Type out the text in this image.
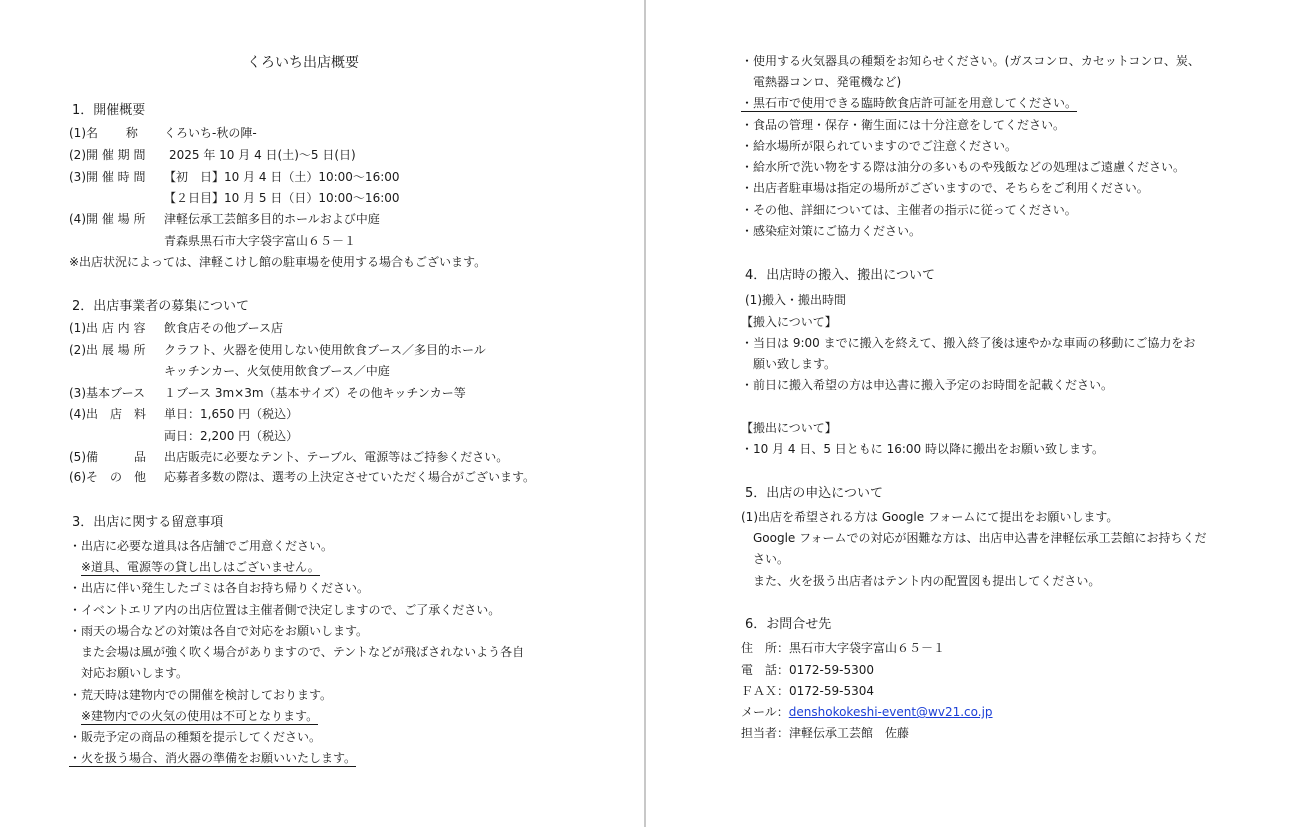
くろいち出店概要
1．開催概要
(1)名　　 称 くろいち-秋の陣-
(2)開 催 期 間 2025 年 10 月 4 日(土)～5 日(日)
(3)開 催 時 間 【初　日】10 月 4 日（土）10:00～16:00
【２日目】10 月 5 日（日）10:00～16:00
(4)開 催 場 所 津軽伝承工芸館多目的ホールおよび中庭
青森県黒石市大字袋字富山６５－１
※出店状況によっては、津軽こけし館の駐車場を使用する場合もございます。
2．出店事業者の募集について
(1)出 店 内 容 飲食店その他ブース店
(2)出 展 場 所 クラフト、火器を使用しない使用飲食ブース／多目的ホール
キッチンカー、火気使用飲食ブース／中庭
(3)基本ブース １ブース 3m×3m（基本サイズ）その他キッチンカー等
(4)出　店　料 単日：1,650 円（税込）
両日：2,200 円（税込）
(5)備　　　品 出店販売に必要なテント、テーブル、電源等はご持参ください。
(6)そ　の　他 応募者多数の際は、選考の上決定させていただく場合がございます。
3．出店に関する留意事項
・出店に必要な道具は各店舗でご用意ください。
※道具、電源等の貸し出しはございません。
・出店に伴い発生したゴミは各自お持ち帰りください。
・イベントエリア内の出店位置は主催者側で決定しますので、ご了承ください。
・雨天の場合などの対策は各自で対応をお願いします。
また会場は風が強く吹く場合がありますので、テントなどが飛ばされないよう各自
対応お願いします。
・荒天時は建物内での開催を検討しております。
※建物内での火気の使用は不可となります。
・販売予定の商品の種類を提示してください。
・火を扱う場合、消火器の準備をお願いいたします。
・使用する火気器具の種類をお知らせください。(ガスコンロ、カセットコンロ、炭、
電熱器コンロ、発電機など)
・黒石市で使用できる臨時飲食店許可証を用意してください。
・食品の管理・保存・衛生面には十分注意をしてください。
・給水場所が限られていますのでご注意ください。
・給水所で洗い物をする際は油分の多いものや残飯などの処理はご遠慮ください。
・出店者駐車場は指定の場所がございますので、そちらをご利用ください。
・その他、詳細については、主催者の指示に従ってください。
・感染症対策にご協力ください。
4．出店時の搬入、搬出について
(1)搬入・搬出時間
【搬入について】
・当日は 9:00 までに搬入を終えて、搬入終了後は速やかな車両の移動にご協力をお
願い致します。
・前日に搬入希望の方は申込書に搬入予定のお時間を記載ください。
【搬出について】
・10 月 4 日、5 日ともに 16:00 時以降に搬出をお願い致します。
5．出店の申込について
(1)出店を希望される方は Google フォームにて提出をお願いします。
Google フォームでの対応が困難な方は、出店申込書を津軽伝承工芸館にお持ちくだ
さい。
また、火を扱う出店者はテント内の配置図も提出してください。
6．お問合せ先
住　所：黒石市大字袋字富山６５－１
電　話：0172-59-5300
ＦＡＸ：0172-59-5304
メール：denshokokeshi-event@wv21.co.jp
担当者：津軽伝承工芸館　佐藤
